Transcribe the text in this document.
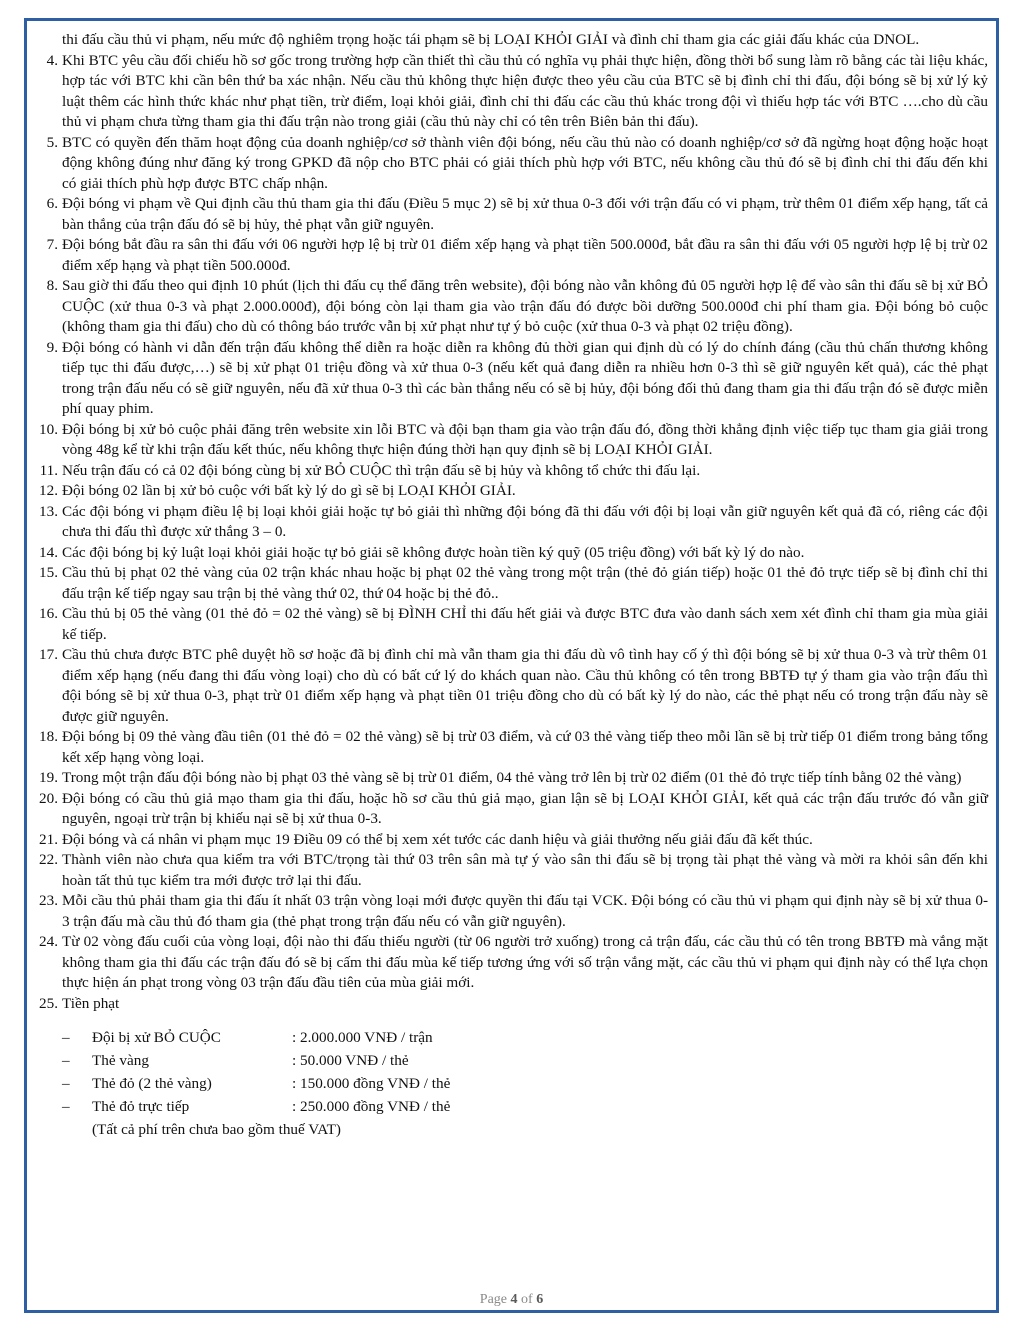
thi đấu cầu thủ vi phạm, nếu mức độ nghiêm trọng hoặc tái phạm sẽ bị LOẠI KHỎI GIẢI và đình chỉ tham gia các giải đấu khác của DNOL.

4. Khi BTC yêu cầu đối chiếu hồ sơ gốc trong trường hợp cần thiết thì cầu thủ có nghĩa vụ phải thực hiện, đồng thời bổ sung làm rõ bằng các tài liệu khác, hợp tác với BTC khi cần bên thứ ba xác nhận. Nếu cầu thủ không thực hiện được theo yêu cầu của BTC sẽ bị đình chỉ thi đấu, đội bóng sẽ bị xử lý kỷ luật thêm các hình thức khác như phạt tiền, trừ điểm, loại khỏi giải, đình chỉ thi đấu các cầu thủ khác trong đội vì thiếu hợp tác với BTC ….cho dù cầu thủ vi phạm chưa từng tham gia thi đấu trận nào trong giải (cầu thủ này chỉ có tên trên Biên bản thi đấu).
5. BTC có quyền đến thăm hoạt động của doanh nghiệp/cơ sở thành viên đội bóng, nếu cầu thủ nào có doanh nghiệp/cơ sở đã ngừng hoạt động hoặc hoạt động không đúng như đăng ký trong GPKD đã nộp cho BTC phải có giải thích phù hợp với BTC, nếu không cầu thủ đó sẽ bị đình chỉ thi đấu đến khi có giải thích phù hợp được BTC chấp nhận.
6. Đội bóng vi phạm về Qui định cầu thủ tham gia thi đấu (Điều 5 mục 2) sẽ bị xử thua 0-3 đối với trận đấu có vi phạm, trừ thêm 01 điểm xếp hạng, tất cả bàn thắng của trận đấu đó sẽ bị hủy, thẻ phạt vẫn giữ nguyên.
7. Đội bóng bắt đầu ra sân thi đấu với 06 người hợp lệ bị trừ 01 điểm xếp hạng và phạt tiền 500.000đ, bắt đầu ra sân thi đấu với 05 người hợp lệ bị trừ 02 điểm xếp hạng và phạt tiền 500.000đ.
8. Sau giờ thi đấu theo qui định 10 phút (lịch thi đấu cụ thể đăng trên website), đội bóng nào vẫn không đủ 05 người hợp lệ để vào sân thi đấu sẽ bị xử BỎ CUỘC (xử thua 0-3 và phạt 2.000.000đ), đội bóng còn lại tham gia vào trận đấu đó được bồi dưỡng 500.000đ chi phí tham gia. Đội bóng bỏ cuộc (không tham gia thi đấu) cho dù có thông báo trước vẫn bị xử phạt như tự ý bỏ cuộc (xử thua 0-3 và phạt 02 triệu đồng).
9. Đội bóng có hành vi dẫn đến trận đấu không thể diễn ra hoặc diễn ra không đủ thời gian qui định dù có lý do chính đáng (cầu thủ chấn thương không tiếp tục thi đấu được,…) sẽ bị xử phạt 01 triệu đồng và xử thua 0-3 (nếu kết quả đang diễn ra nhiều hơn 0-3 thì sẽ giữ nguyên kết quả), các thẻ phạt trong trận đấu nếu có sẽ giữ nguyên, nếu đã xử thua 0-3 thì các bàn thắng nếu có sẽ bị hủy, đội bóng đối thủ đang tham gia thi đấu trận đó sẽ được miễn phí quay phim.
10. Đội bóng bị xử bỏ cuộc phải đăng trên website xin lỗi BTC và đội bạn tham gia vào trận đấu đó, đồng thời khẳng định việc tiếp tục tham gia giải trong vòng 48g kể từ khi trận đấu kết thúc, nếu không thực hiện đúng thời hạn quy định sẽ bị LOẠI KHỎI GIẢI.
11. Nếu trận đấu có cả 02 đội bóng cùng bị xử BỎ CUỘC thì trận đấu sẽ bị hủy và không tổ chức thi đấu lại.
12. Đội bóng 02 lần bị xử bỏ cuộc với bất kỳ lý do gì sẽ bị LOẠI KHỎI GIẢI.
13. Các đội bóng vi phạm điều lệ bị loại khỏi giải hoặc tự bỏ giải thì những đội bóng đã thi đấu với đội bị loại vẫn giữ nguyên kết quả đã có, riêng các đội chưa thi đấu thì được xử thắng 3 – 0.
14. Các đội bóng bị kỷ luật loại khỏi giải hoặc tự bỏ giải sẽ không được hoàn tiền ký quỹ (05 triệu đồng) với bất kỳ lý do nào.
15. Cầu thủ bị phạt 02 thẻ vàng của 02 trận khác nhau hoặc bị phạt 02 thẻ vàng trong một trận (thẻ đỏ gián tiếp) hoặc 01 thẻ đỏ trực tiếp sẽ bị đình chỉ thi đấu trận kế tiếp ngay sau trận bị thẻ vàng thứ 02, thứ 04 hoặc bị thẻ đỏ..
16. Cầu thủ bị 05 thẻ vàng (01 thẻ đỏ = 02 thẻ vàng) sẽ bị ĐÌNH CHỈ thi đấu hết giải và được BTC đưa vào danh sách xem xét đình chỉ tham gia mùa giải kế tiếp.
17. Cầu thủ chưa được BTC phê duyệt hồ sơ hoặc đã bị đình chỉ mà vẫn tham gia thi đấu dù vô tình hay cố ý thì đội bóng sẽ bị xử thua 0-3 và trừ thêm 01 điểm xếp hạng (nếu đang thi đấu vòng loại) cho dù có bất cứ lý do khách quan nào. Cầu thủ không có tên trong BBTĐ tự ý tham gia vào trận đấu thì đội bóng sẽ bị xử thua 0-3, phạt trừ 01 điểm xếp hạng và phạt tiền 01 triệu đồng cho dù có bất kỳ lý do nào, các thẻ phạt nếu có trong trận đấu này sẽ được giữ nguyên.
18. Đội bóng bị 09 thẻ vàng đầu tiên (01 thẻ đỏ = 02 thẻ vàng) sẽ bị trừ 03 điểm, và cứ 03 thẻ vàng tiếp theo mỗi lần sẽ bị trừ tiếp 01 điểm trong bảng tổng kết xếp hạng vòng loại.
19. Trong một trận đấu đội bóng nào bị phạt 03 thẻ vàng sẽ bị trừ 01 điểm, 04 thẻ vàng trở lên bị trừ 02 điểm (01 thẻ đỏ trực tiếp tính bằng 02 thẻ vàng)
20. Đội bóng có cầu thủ giả mạo tham gia thi đấu, hoặc hồ sơ cầu thủ giả mạo, gian lận sẽ bị LOẠI KHỎI GIẢI, kết quả các trận đấu trước đó vẫn giữ nguyên, ngoại trừ trận bị khiếu nại sẽ bị xử thua 0-3.
21. Đội bóng và cá nhân vi phạm mục 19 Điều 09 có thể bị xem xét tước các danh hiệu và giải thưởng nếu giải đấu đã kết thúc.
22. Thành viên nào chưa qua kiểm tra với BTC/trọng tài thứ 03 trên sân mà tự ý vào sân thi đấu sẽ bị trọng tài phạt thẻ vàng và mời ra khỏi sân đến khi hoàn tất thủ tục kiểm tra mới được trở lại thi đấu.
23. Mỗi cầu thủ phải tham gia thi đấu ít nhất 03 trận vòng loại mới được quyền thi đấu tại VCK. Đội bóng có cầu thủ vi phạm qui định này sẽ bị xử thua 0-3 trận đấu mà cầu thủ đó tham gia (thẻ phạt trong trận đấu nếu có vẫn giữ nguyên).
24. Từ 02 vòng đấu cuối của vòng loại, đội nào thi đấu thiếu người (từ 06 người trở xuống) trong cả trận đấu, các cầu thủ có tên trong BBTĐ mà vắng mặt không tham gia thi đấu các trận đấu đó sẽ bị cấm thi đấu mùa kế tiếp tương ứng với số trận vắng mặt, các cầu thủ vi phạm qui định này có thể lựa chọn thực hiện án phạt trong vòng 03 trận đấu đầu tiên của mùa giải mới.
25. Tiền phạt
– Đội bị xử BỎ CUỘC	: 2.000.000 VNĐ / trận
– Thẻ vàng	: 50.000 VNĐ / thẻ
– Thẻ đỏ (2 thẻ vàng)	: 150.000 đồng VNĐ / thẻ
– Thẻ đỏ trực tiếp	: 250.000 đồng VNĐ / thẻ
(Tất cả phí trên chưa bao gồm thuế VAT)
Page 4 of 6
